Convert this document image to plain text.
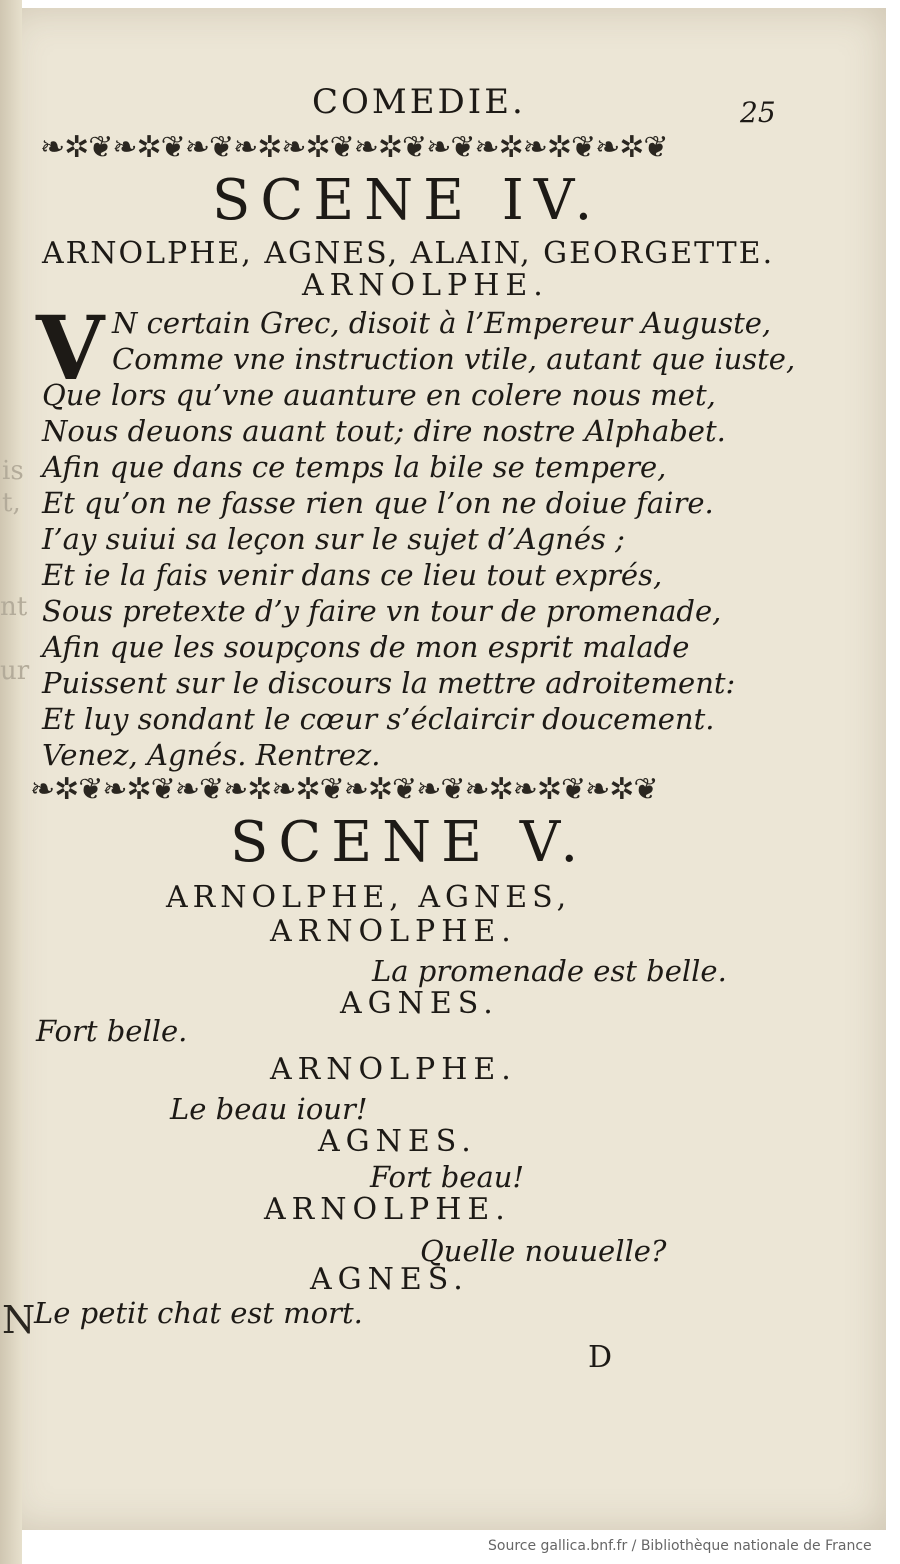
is
t,
nt
ur
N
COMEDIE.	25
❧✲❦❧✲❦❧❦❧✲❧✲❦❧✲❦❧❦❧✲❧✲❦❧✲❦
SCENE IV.
ARNOLPHE, AGNES, ALAIN, GEORGETTE.
ARNOLPHE.
V N certain Grec, disoit à l’Empereur Auguste,
Comme vne instruction vtile, autant que iuste,
Que lors qu’vne auanture en colere nous met,
Nous deuons auant tout; dire nostre Alphabet.
Afin que dans ce temps la bile se tempere,
Et qu’on ne fasse rien que l’on ne doiue faire.
I’ay suiui sa leçon sur le sujet d’Agnés ;
Et ie la fais venir dans ce lieu tout exprés,
Sous pretexte d’y faire vn tour de promenade,
Afin que les soupçons de mon esprit malade
Puissent sur le discours la mettre adroitement:
Et luy sondant le cœur s’éclaircir doucement.
Venez, Agnés. Rentrez.
❧✲❦❧✲❦❧❦❧✲❧✲❦❧✲❦❧❦❧✲❧✲❦❧✲❦
SCENE V.
ARNOLPHE, AGNES,
ARNOLPHE.
La promenade est belle.
AGNES.
Fort belle.
ARNOLPHE.
Le beau iour!
AGNES.
Fort beau!
ARNOLPHE.
Quelle nouuelle?
AGNES.
Le petit chat est mort.
D
Source gallica.bnf.fr / Bibliothèque nationale de France
